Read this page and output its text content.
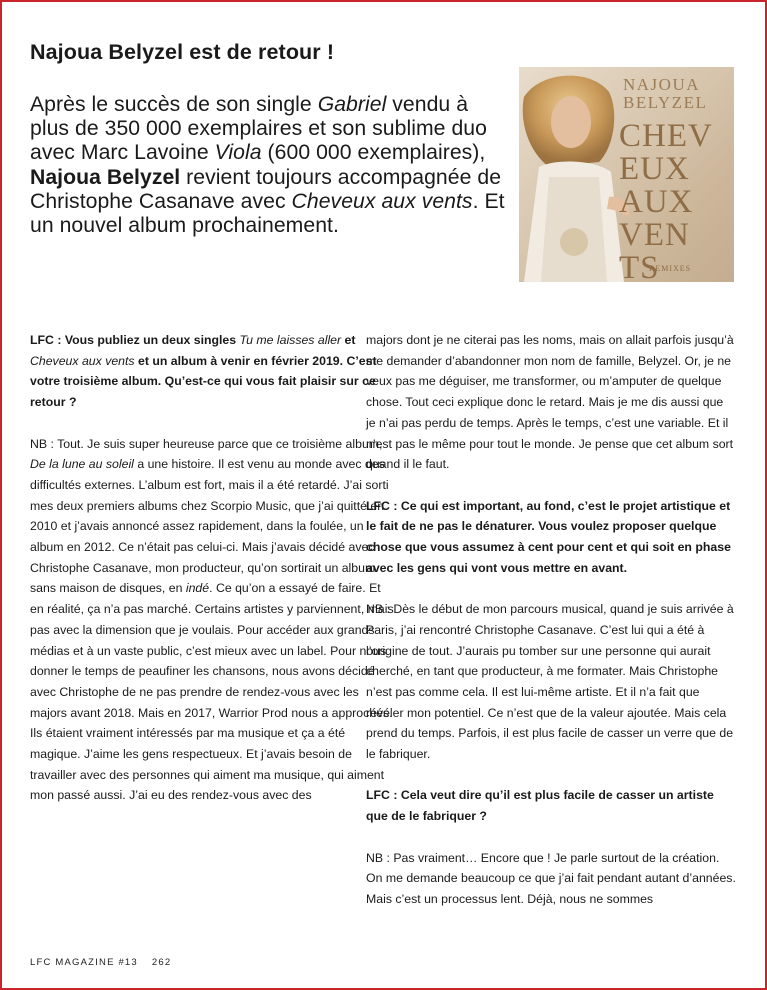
Najoua Belyzel est de retour !

Après le succès de son single Gabriel vendu à plus de 350 000 exemplaires et son sublime duo avec Marc Lavoine Viola (600 000 exemplaires), Najoua Belyzel revient toujours accompagnée de Christophe Casanave avec Cheveux aux vents. Et un nouvel album prochainement.

NAJOUA
BELYZEL
CHEV
EUX
AUX
VEN
TS
REMIXES

LFC : Vous publiez un deux singles Tu me laisses aller et Cheveux aux vents et un album à venir en février 2019. C’est votre troisième album. Qu’est-ce qui vous fait plaisir sur ce retour ?

NB : Tout. Je suis super heureuse parce que ce troisième album, De la lune au soleil a une histoire. Il est venu au monde avec des difficultés externes. L’album est fort, mais il a été retardé. J’ai sorti mes deux premiers albums chez Scorpio Music, que j’ai quitté en 2010 et j’avais annoncé assez rapidement, dans la foulée, un album en 2012. Ce n’était pas celui-ci. Mais j’avais décidé avec Christophe Casanave, mon producteur, qu’on sortirait un album sans maison de disques, en indé. Ce qu’on a essayé de faire. Et en réalité, ça n’a pas marché. Certains artistes y parviennent, mais pas avec la dimension que je voulais. Pour accéder aux grands médias et à un vaste public, c’est mieux avec un label. Pour nous donner le temps de peaufiner les chansons, nous avons décidé avec Christophe de ne pas prendre de rendez-vous avec les majors avant 2018. Mais en 2017, Warrior Prod nous a approchés. Ils étaient vraiment intéressés par ma musique et ça a été magique. J’aime les gens respectueux. Et j’avais besoin de travailler avec des personnes qui aiment ma musique, qui aiment mon passé aussi. J’ai eu des rendez-vous avec des

majors dont je ne citerai pas les noms, mais on allait parfois jusqu’à me demander d’abandonner mon nom de famille, Belyzel. Or, je ne veux pas me déguiser, me transformer, ou m’amputer de quelque chose. Tout ceci explique donc le retard. Mais je me dis aussi que je n’ai pas perdu de temps. Après le temps, c’est une variable. Et il n’est pas le même pour tout le monde. Je pense que cet album sort quand il le faut.

LFC : Ce qui est important, au fond, c’est le projet artistique et le fait de ne pas le dénaturer. Vous voulez proposer quelque chose que vous assumez à cent pour cent et qui soit en phase avec les gens qui vont vous mettre en avant.

NB : Dès le début de mon parcours musical, quand je suis arrivée à Paris, j’ai rencontré Christophe Casanave. C’est lui qui a été à l’origine de tout. J’aurais pu tomber sur une personne qui aurait cherché, en tant que producteur, à me formater. Mais Christophe n’est pas comme cela. Il est lui-même artiste. Et il n’a fait que révéler mon potentiel. Ce n’est que de la valeur ajoutée. Mais cela prend du temps. Parfois, il est plus facile de casser un verre que de le fabriquer.

LFC : Cela veut dire qu’il est plus facile de casser un artiste que de le fabriquer ?

NB : Pas vraiment… Encore que ! Je parle surtout de la création. On me demande beaucoup ce que j’ai fait pendant autant d’années. Mais c’est un processus lent. Déjà, nous ne sommes

LFC MAGAZINE #13 262
